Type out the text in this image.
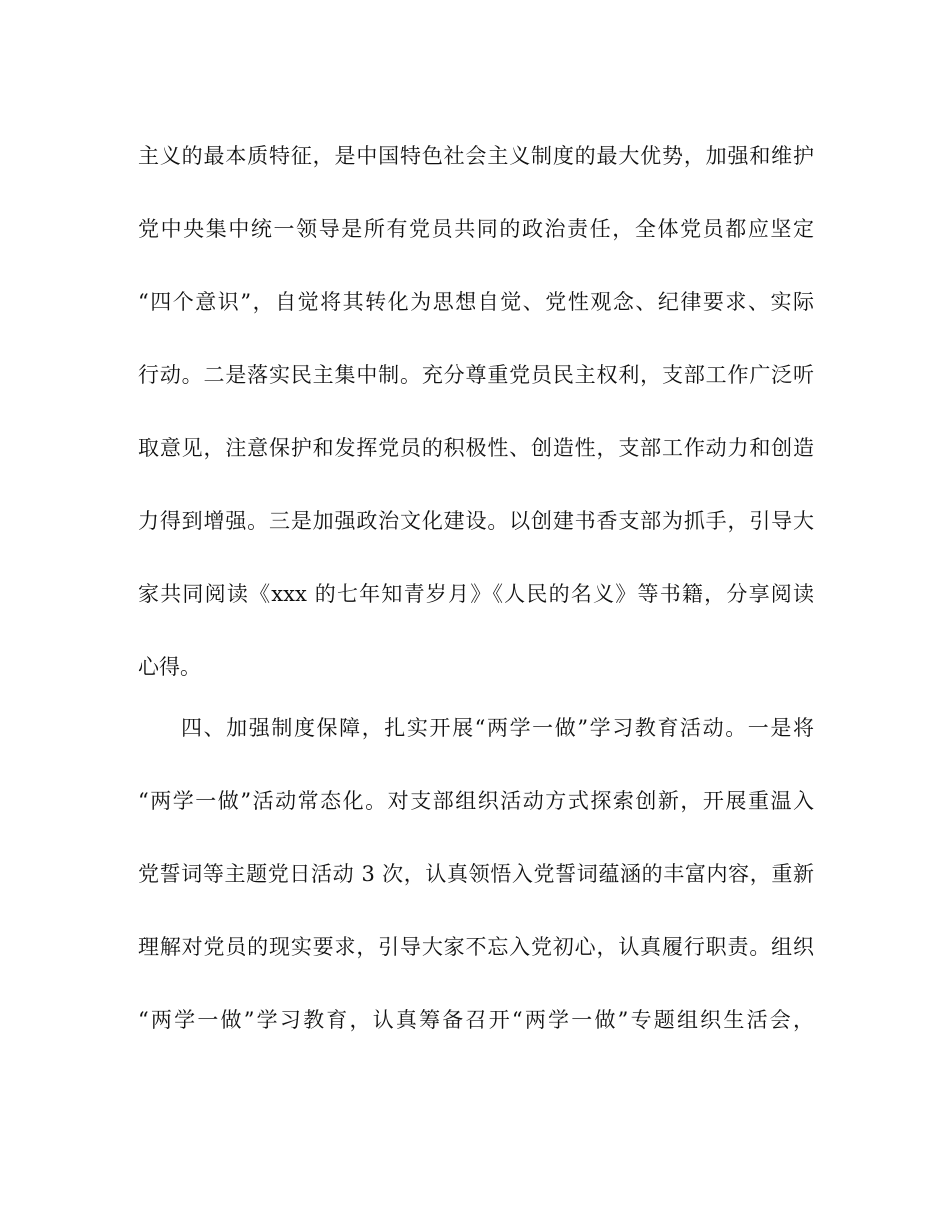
主义的最本质特征，是中国特色社会主义制度的最大优势，加强和维护
党中央集中统一领导是所有党员共同的政治责任，全体党员都应坚定
“四个意识”，自觉将其转化为思想自觉、党性观念、纪律要求、实际
行动。二是落实民主集中制。充分尊重党员民主权利，支部工作广泛听
取意见，注意保护和发挥党员的积极性、创造性，支部工作动力和创造
力得到增强。三是加强政治文化建设。以创建书香支部为抓手，引导大
家共同阅读《xxx 的七年知青岁月》《人民的名义》等书籍，分享阅读
心得。
四、加强制度保障，扎实开展“两学一做”学习教育活动。一是将
“两学一做”活动常态化。对支部组织活动方式探索创新，开展重温入
党誓词等主题党日活动 3 次，认真领悟入党誓词蕴涵的丰富内容，重新
理解对党员的现实要求，引导大家不忘入党初心，认真履行职责。组织
“两学一做”学习教育，认真筹备召开“两学一做”专题组织生活会，
